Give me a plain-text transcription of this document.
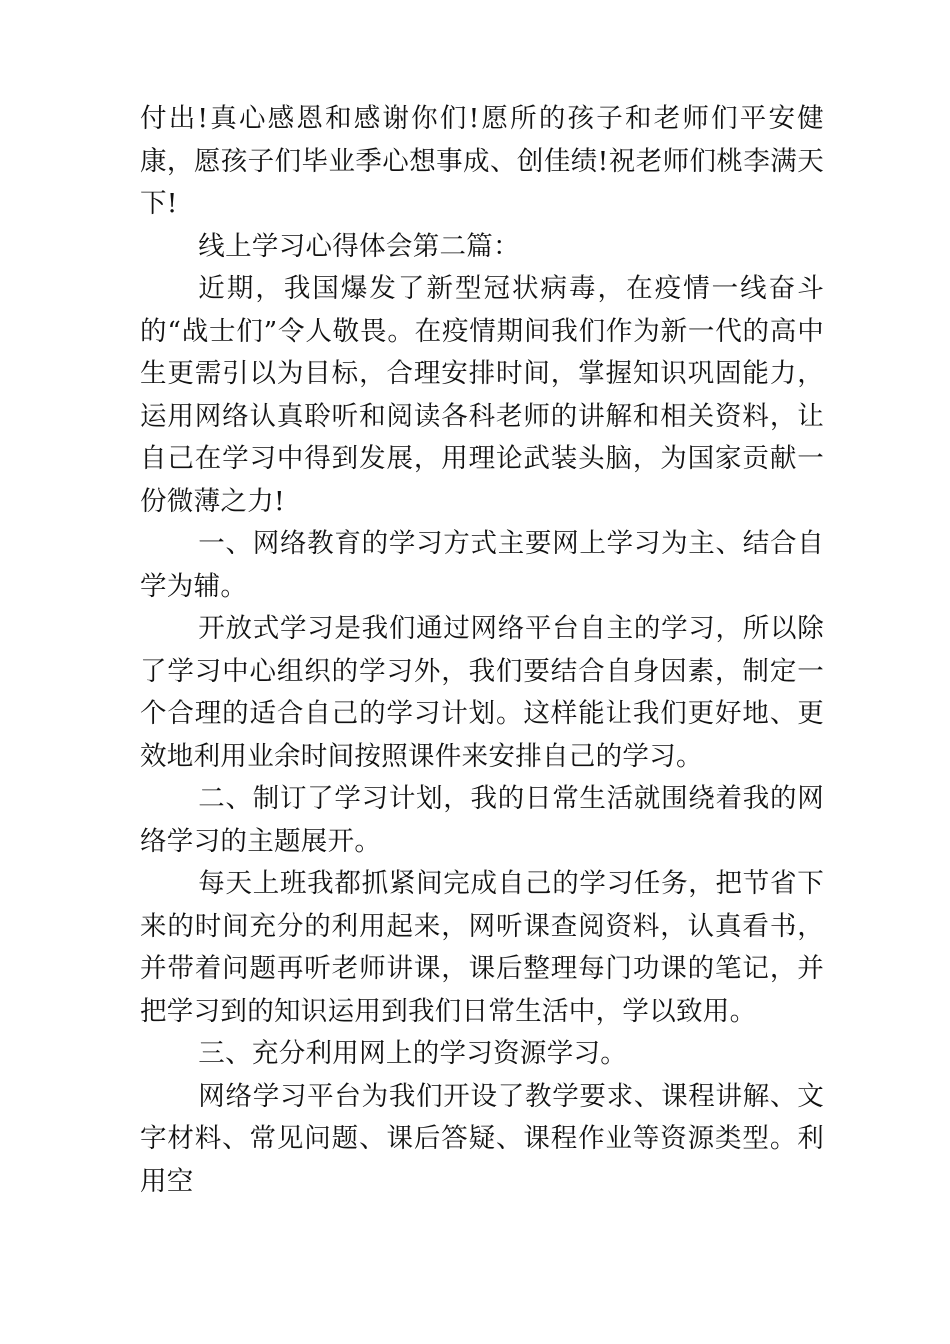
付出!真心感恩和感谢你们!愿所的孩子和老师们平安健康，愿孩子们毕业季心想事成、创佳绩!祝老师们桃李满天下!

线上学习心得体会第二篇：

近期，我国爆发了新型冠状病毒，在疫情一线奋斗的“战士们”令人敬畏。在疫情期间我们作为新一代的高中生更需引以为目标，合理安排时间，掌握知识巩固能力，运用网络认真聆听和阅读各科老师的讲解和相关资料，让自己在学习中得到发展，用理论武装头脑，为国家贡献一份微薄之力!

一、网络教育的学习方式主要网上学习为主、结合自学为辅。

开放式学习是我们通过网络平台自主的学习，所以除了学习中心组织的学习外，我们要结合自身因素，制定一个合理的适合自己的学习计划。这样能让我们更好地、更效地利用业余时间按照课件来安排自己的学习。

二、制订了学习计划，我的日常生活就围绕着我的网络学习的主题展开。

每天上班我都抓紧间完成自己的学习任务，把节省下来的时间充分的利用起来，网听课查阅资料，认真看书，并带着问题再听老师讲课，课后整理每门功课的笔记，并把学习到的知识运用到我们日常生活中，学以致用。

三、充分利用网上的学习资源学习。

网络学习平台为我们开设了教学要求、课程讲解、文字材料、常见问题、课后答疑、课程作业等资源类型。利用空
